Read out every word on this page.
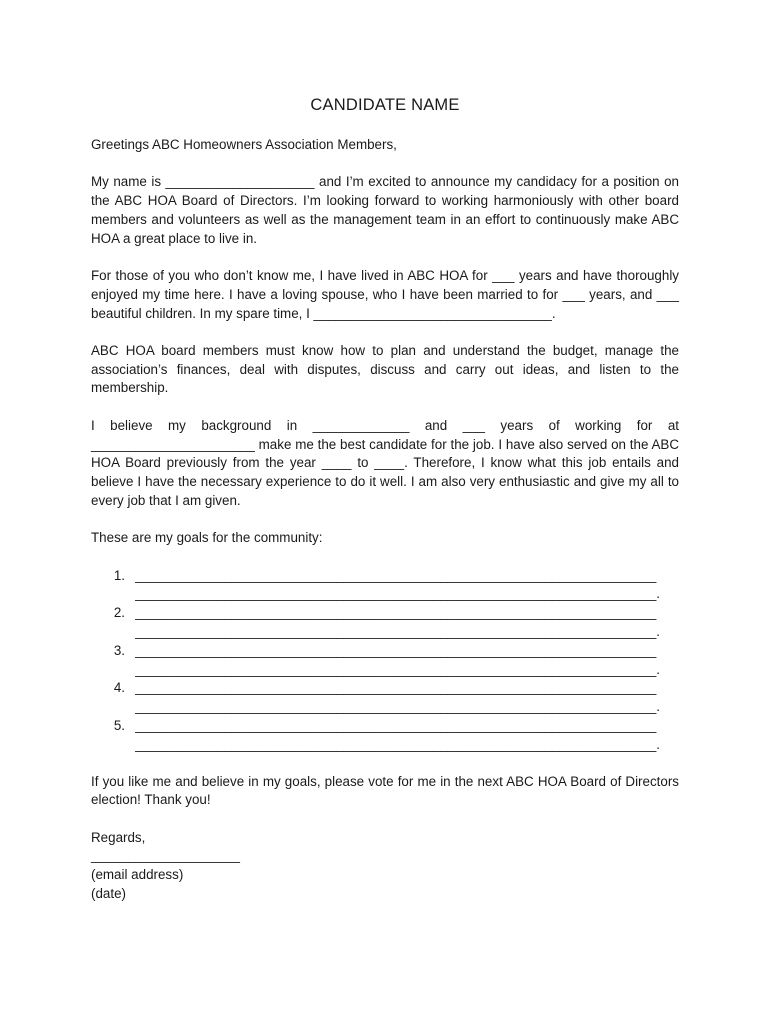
CANDIDATE NAME

Greetings ABC Homeowners Association Members,

My name is ____________________ and I’m excited to announce my candidacy for a position on the ABC HOA Board of Directors. I’m looking forward to working harmoniously with other board members and volunteers as well as the management team in an effort to continuously make ABC HOA a great place to live in.

For those of you who don’t know me, I have lived in ABC HOA for ___ years and have thoroughly enjoyed my time here. I have a loving spouse, who I have been married to for ___ years, and ___ beautiful children. In my spare time, I ________________________________.

ABC HOA board members must know how to plan and understand the budget, manage the association’s finances, deal with disputes, discuss and carry out ideas, and listen to the membership.

I believe my background in _____________ and ___ years of working for at ______________________ make me the best candidate for the job. I have also served on the ABC HOA Board previously from the year ____ to ____. Therefore, I know what this job entails and believe I have the necessary experience to do it well. I am also very enthusiastic and give my all to every job that I am given.

These are my goals for the community:

1. ______________________________________________________________________
______________________________________________________________________.
2. ______________________________________________________________________
______________________________________________________________________.
3. ______________________________________________________________________
______________________________________________________________________.
4. ______________________________________________________________________
______________________________________________________________________.
5. ______________________________________________________________________
______________________________________________________________________.

If you like me and believe in my goals, please vote for me in the next ABC HOA Board of Directors election! Thank you!

Regards,

____________________

(email address)

(date)
